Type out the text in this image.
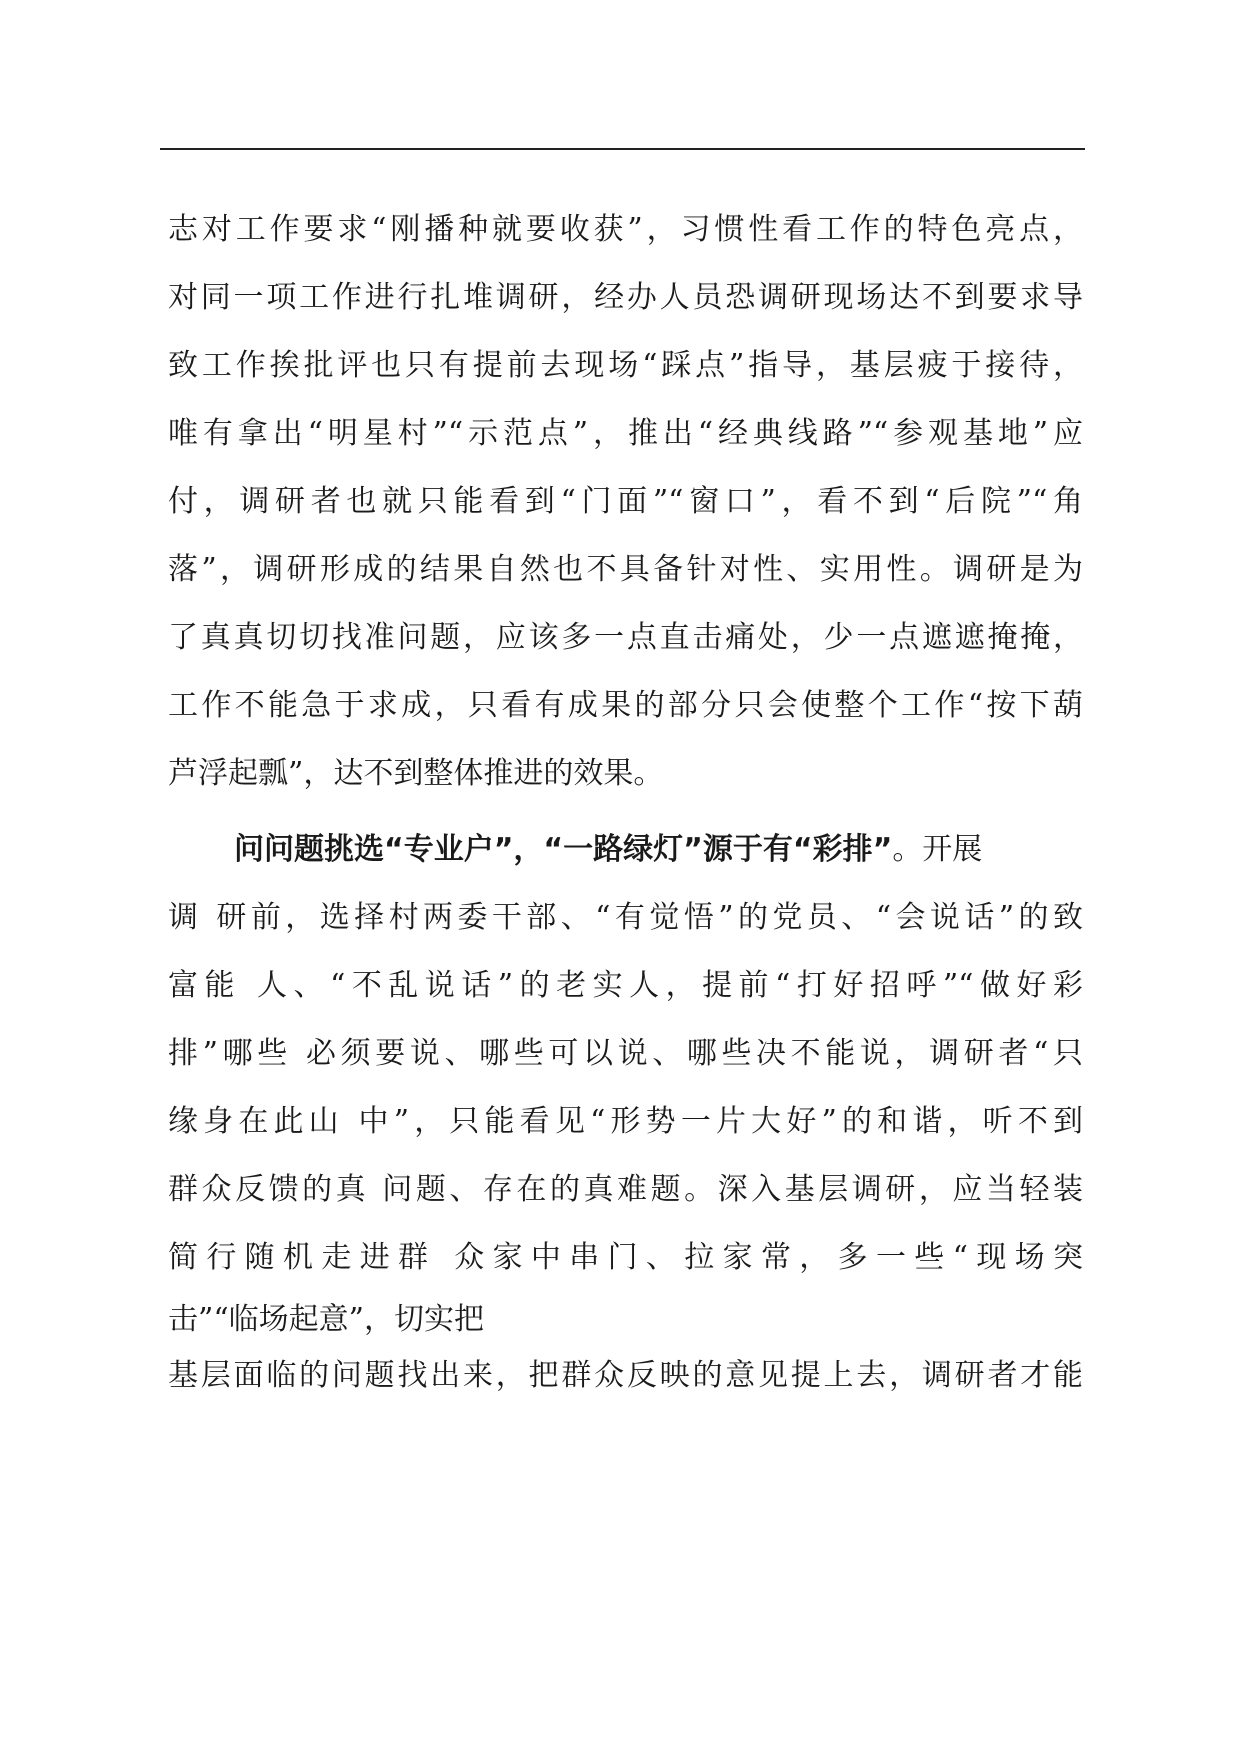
志对工作要求“刚播种就要收获”，习惯性看工作的特色亮点，
对同一项工作进行扎堆调研，经办人员恐调研现场达不到要求导
致工作挨批评也只有提前去现场“踩点”指导，基层疲于接待，
唯有拿出“明星村”“示范点”，推出“经典线路”“参观基地”应
付，调研者也就只能看到“门面”“窗口”，看不到“后院”“角
落”，调研形成的结果自然也不具备针对性、实用性。调研是为
了真真切切找准问题，应该多一点直击痛处，少一点遮遮掩掩，
工作不能急于求成，只看有成果的部分只会使整个工作“按下葫
芦浮起瓢”，达不到整体推进的效果。
问问题挑选“专业户”，“一路绿灯”源于有“彩排”。开展
调 研前，选择村两委干部、“有觉悟”的党员、“会说话”的致
富能 人、“不乱说话”的老实人，提前“打好招呼”“做好彩
排”哪些 必须要说、哪些可以说、哪些决不能说，调研者“只
缘身在此山 中”，只能看见“形势一片大好”的和谐，听不到
群众反馈的真 问题、存在的真难题。深入基层调研，应当轻装
简行随机走进群 众家中串门、拉家常，多一些“现场突
击”“临场起意”，切实把
基层面临的问题找出来，把群众反映的意见提上去，调研者才能
